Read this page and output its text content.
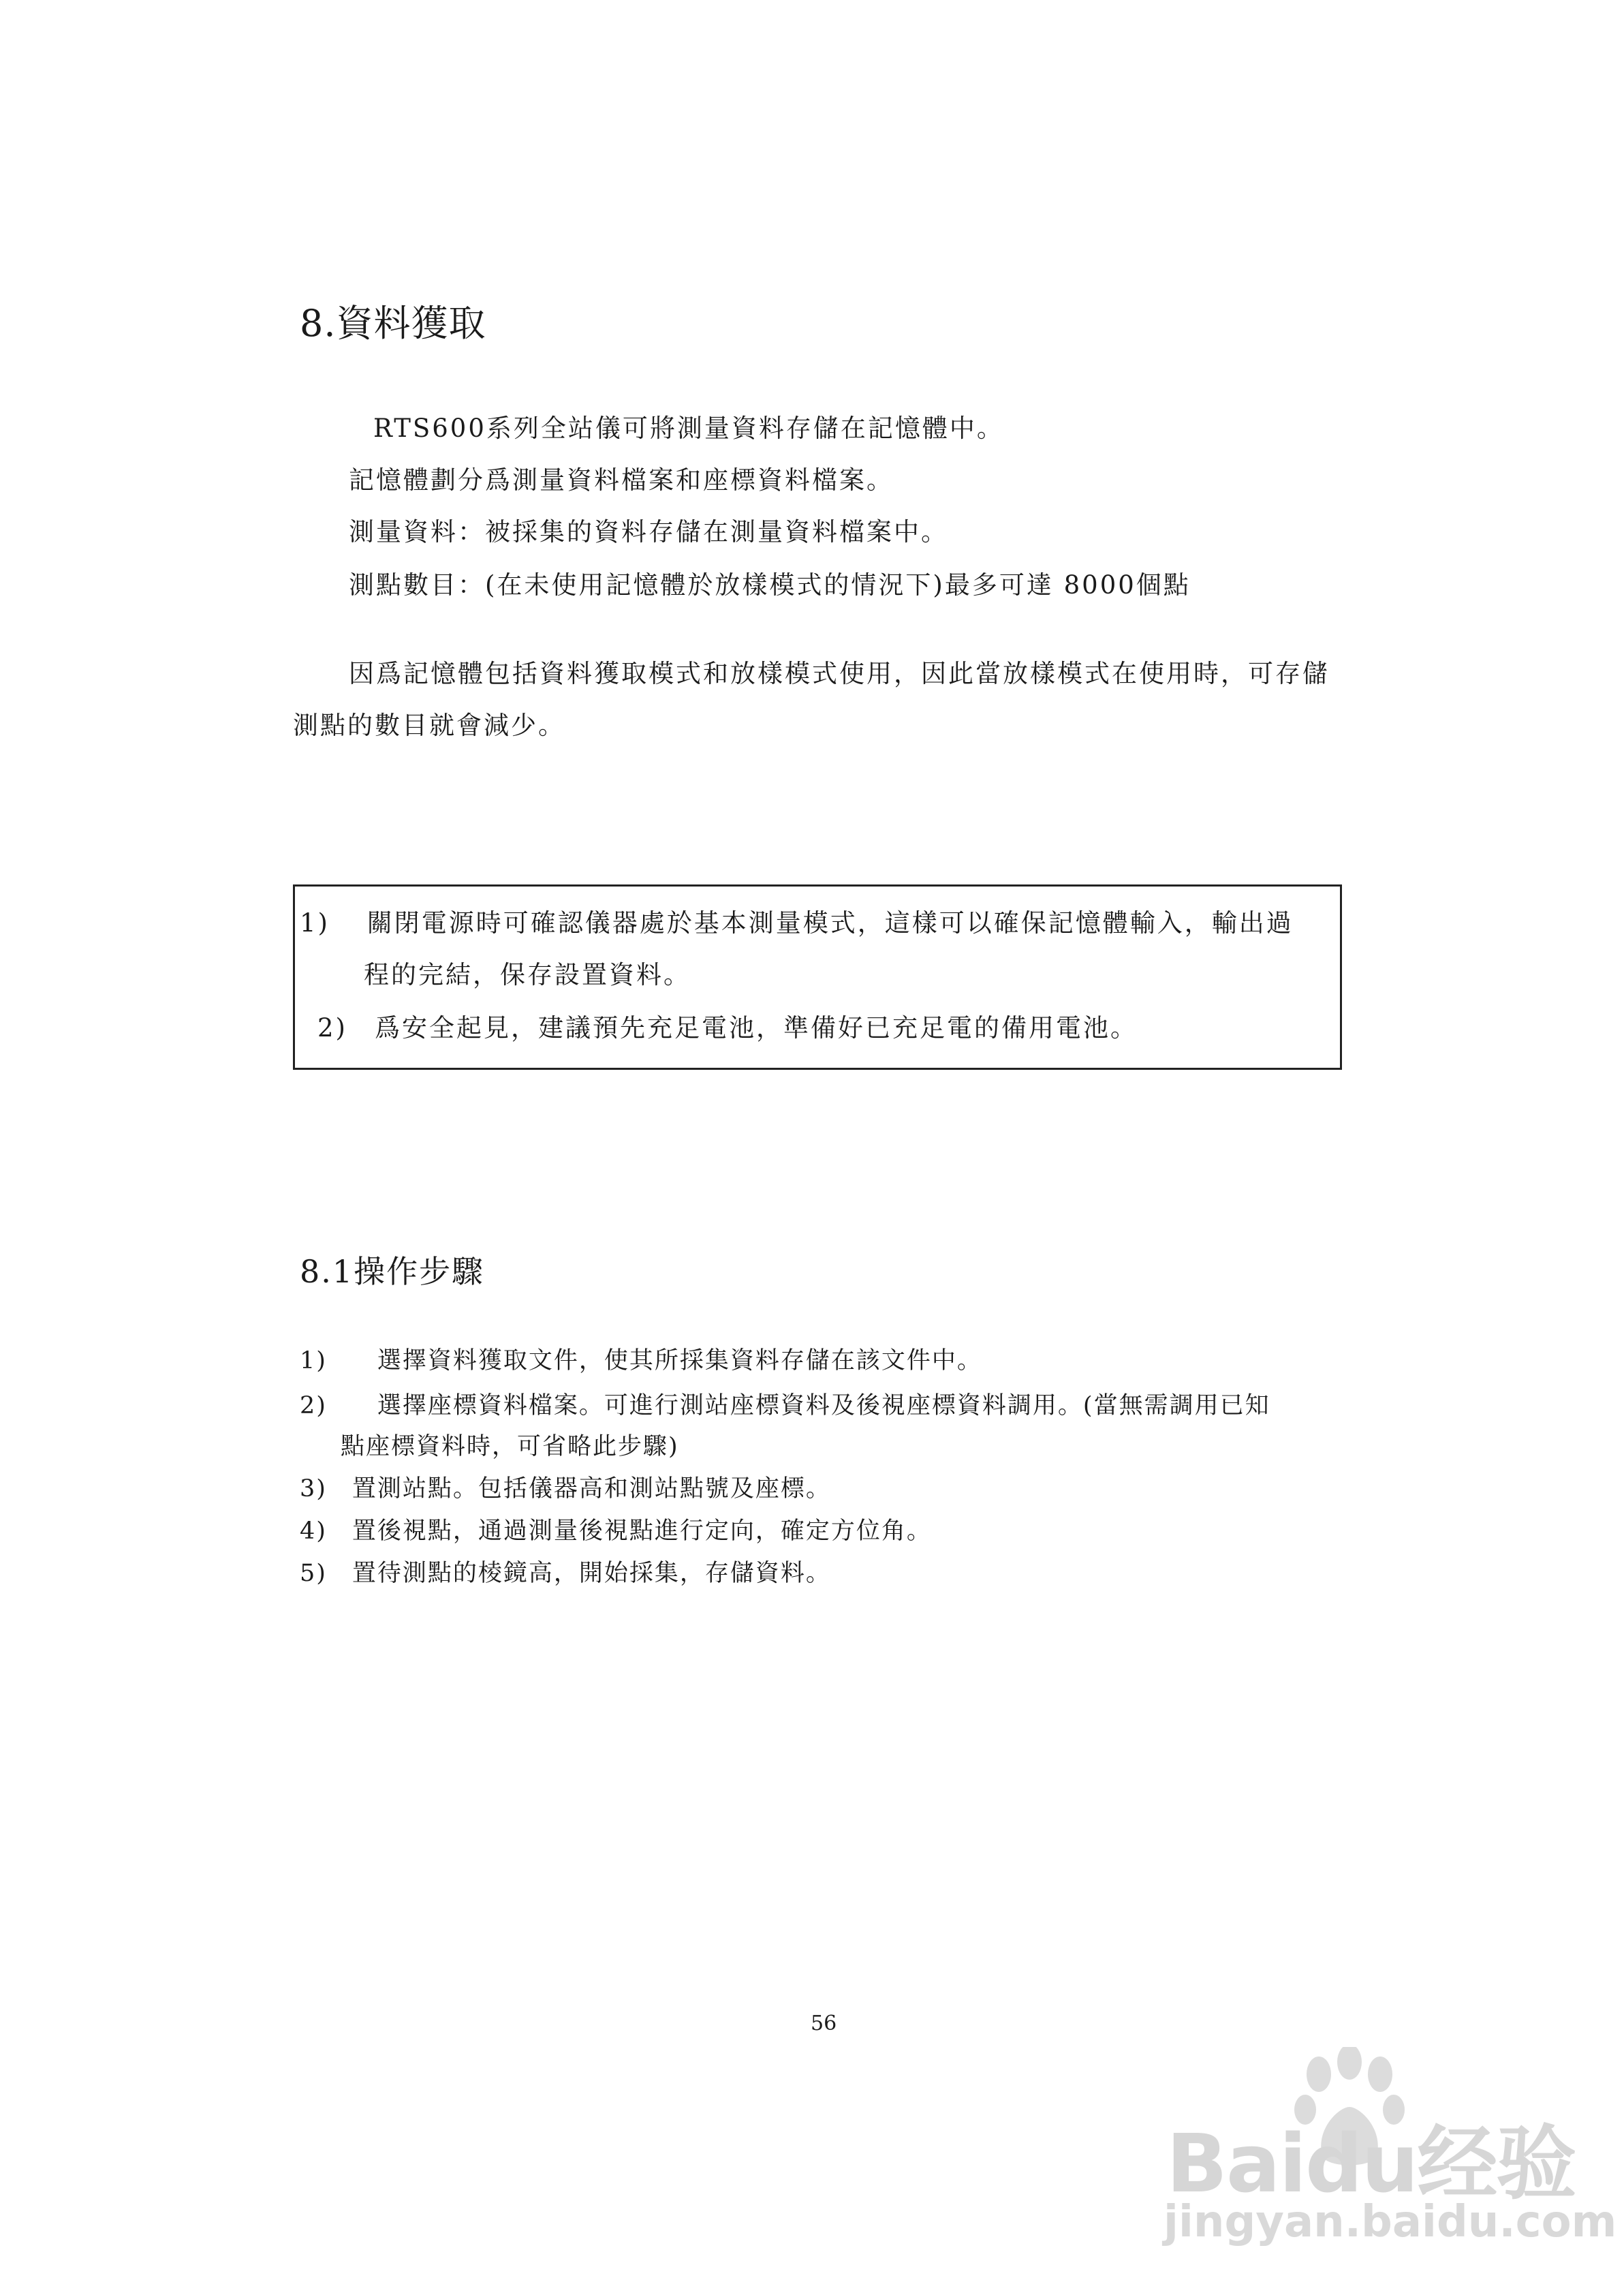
8.資料獲取
RTS600系列全站儀可將測量資料存儲在記憶體中。
記憶體劃分爲測量資料檔案和座標資料檔案。
測量資料：被採集的資料存儲在測量資料檔案中。
測點數目：(在未使用記憶體於放樣模式的情況下)最多可達 8000個點
因爲記憶體包括資料獲取模式和放樣模式使用，因此當放樣模式在使用時，可存儲
測點的數目就會減少。
1)　 關閉電源時可確認儀器處於基本測量模式，這樣可以確保記憶體輸入，輸出過
程的完結，保存設置資料。
2)　爲安全起見，建議預先充足電池，準備好已充足電的備用電池。
8.1操作步驟
1)　　選擇資料獲取文件，使其所採集資料存儲在該文件中。
2)　　選擇座標資料檔案。可進行測站座標資料及後視座標資料調用。(當無需調用已知
點座標資料時，可省略此步驟)
3)　置測站點。包括儀器高和測站點號及座標。
4)　置後視點，通過測量後視點進行定向，確定方位角。
5)　置待測點的棱鏡高，開始採集，存儲資料。
56
Baidu经验
jingyan.baidu.com
